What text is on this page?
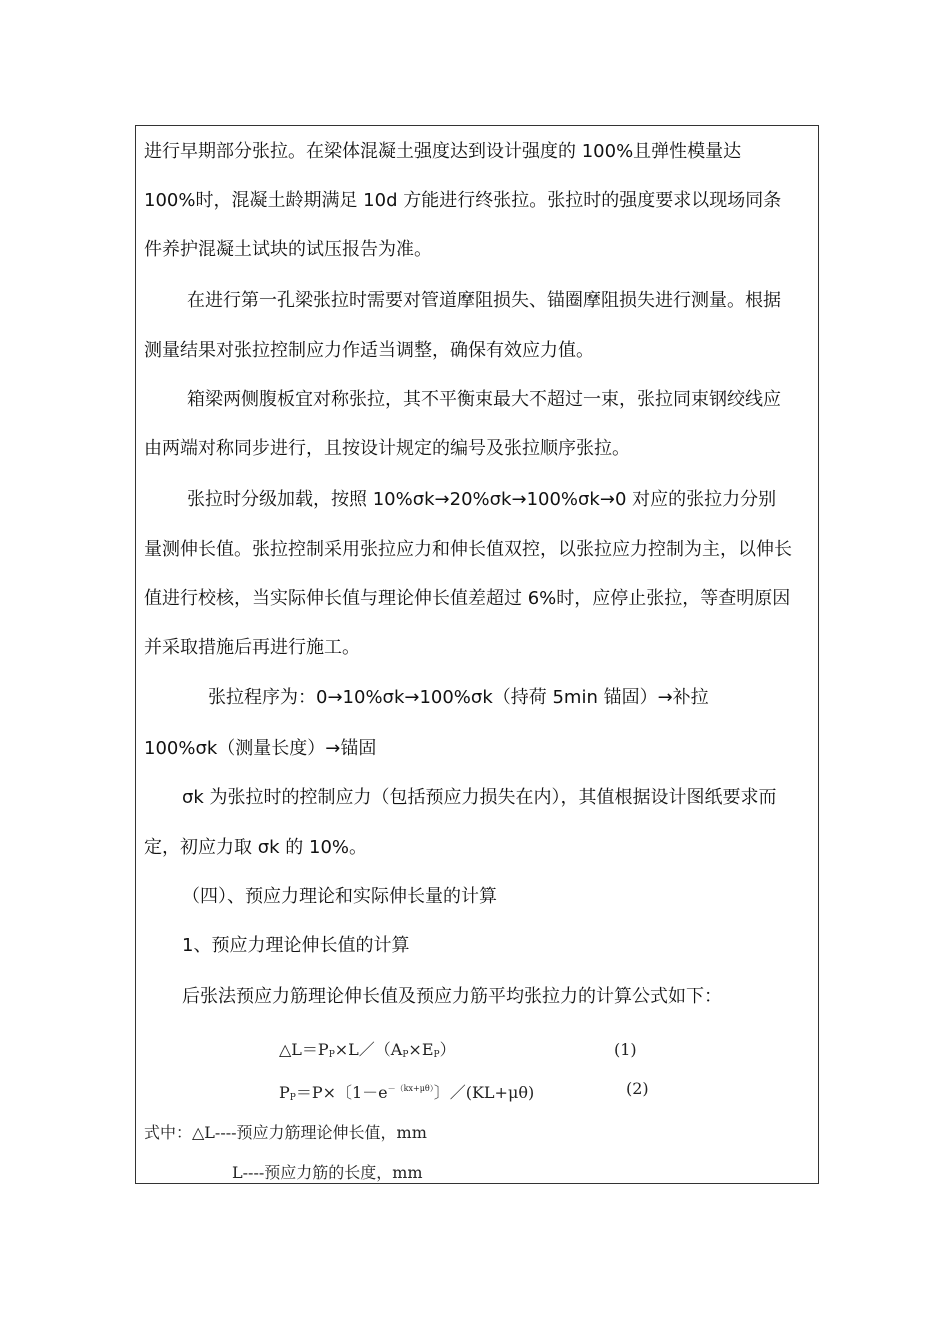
进行早期部分张拉。在梁体混凝土强度达到设计强度的 100%且弹性模量达
100%时，混凝土龄期满足 10d 方能进行终张拉。张拉时的强度要求以现场同条
件养护混凝土试块的试压报告为准。
在进行第一孔梁张拉时需要对管道摩阻损失、锚圈摩阻损失进行测量。根据
测量结果对张拉控制应力作适当调整，确保有效应力值。
箱梁两侧腹板宜对称张拉，其不平衡束最大不超过一束，张拉同束钢绞线应
由两端对称同步进行，且按设计规定的编号及张拉顺序张拉。
张拉时分级加载，按照 10%σk→20%σk→100%σk→0 对应的张拉力分别
量测伸长值。张拉控制采用张拉应力和伸长值双控，以张拉应力控制为主，以伸长
值进行校核，当实际伸长值与理论伸长值差超过 6%时，应停止张拉，等查明原因
并采取措施后再进行施工。
张拉程序为：0→10%σk→100%σk（持荷 5min 锚固）→补拉
100%σk（测量长度）→锚固
σk 为张拉时的控制应力（包括预应力损失在内），其值根据设计图纸要求而
定，初应力取 σk 的 10%。
（四）、预应力理论和实际伸长量的计算
1、预应力理论伸长值的计算
后张法预应力筋理论伸长值及预应力筋平均张拉力的计算公式如下：
$\triangle L=P_P\times L/(A_P\times E_P)$	(1)
$P_P=P\times$〔$1-e^{-(kx+\mu\theta)}$〕／(KL+μθ)	(2)
式中：△L----预应力筋理论伸长值，mm
L----预应力筋的长度，mm
